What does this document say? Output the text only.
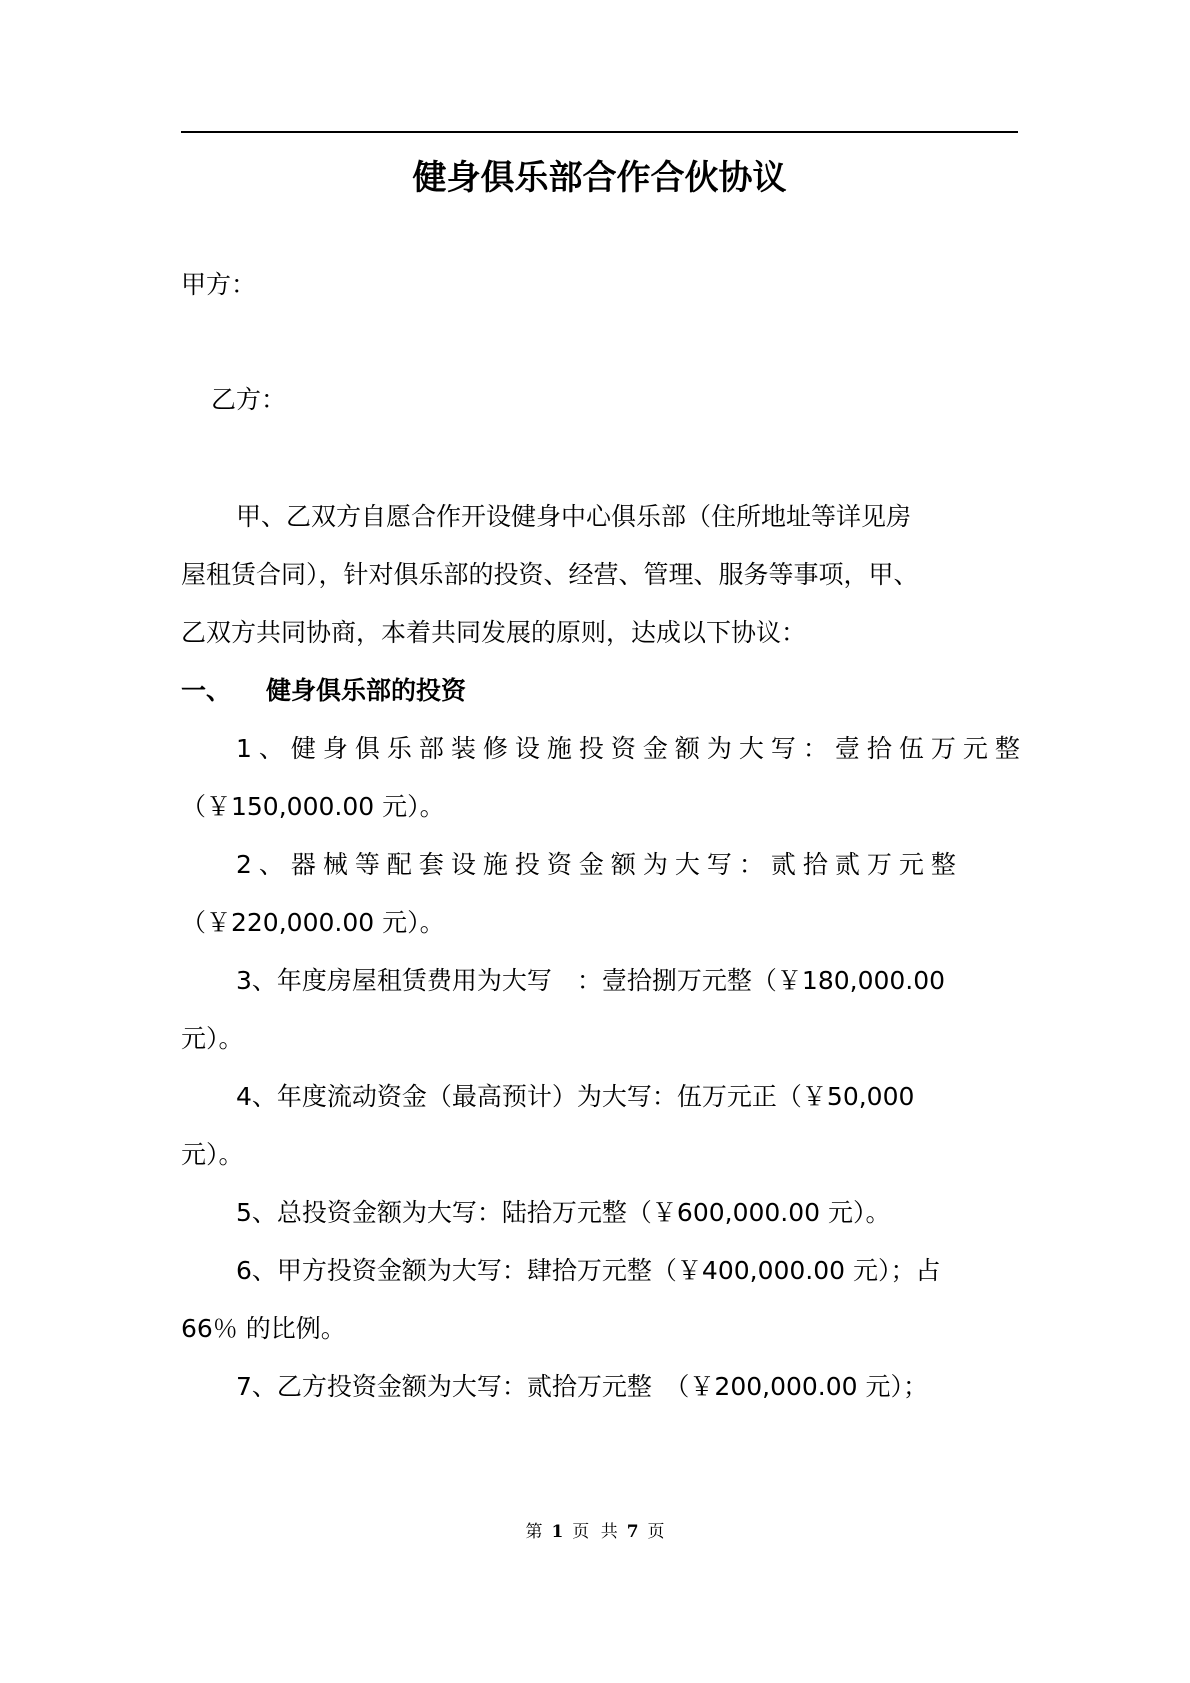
健身俱乐部合作合伙协议
甲方：
乙方：
甲、乙双方自愿合作开设健身中心俱乐部（住所地址等详见房
屋租赁合同），针对俱乐部的投资、经营、管理、服务等事项，甲、
乙双方共同协商，本着共同发展的原则，达成以下协议：
一、 健身俱乐部的投资
1、健身俱乐部装修设施投资金额为大写：壹拾伍万元整
（￥150,000.00 元）。
2、器械等配套设施投资金额为大写：贰拾贰万元整
（￥220,000.00 元）。
3、年度房屋租赁费用为大写　：壹拾捌万元整（￥180,000.00
元）。
4、年度流动资金（最高预计）为大写：伍万元正（￥50,000
元）。
5、总投资金额为大写：陆拾万元整（￥600,000.00 元）。
6、甲方投资金额为大写：肆拾万元整（￥400,000.00 元）；占
66％ 的比例。
7、乙方投资金额为大写：贰拾万元整　（￥200,000.00 元）；
第 1 页 共 7 页
